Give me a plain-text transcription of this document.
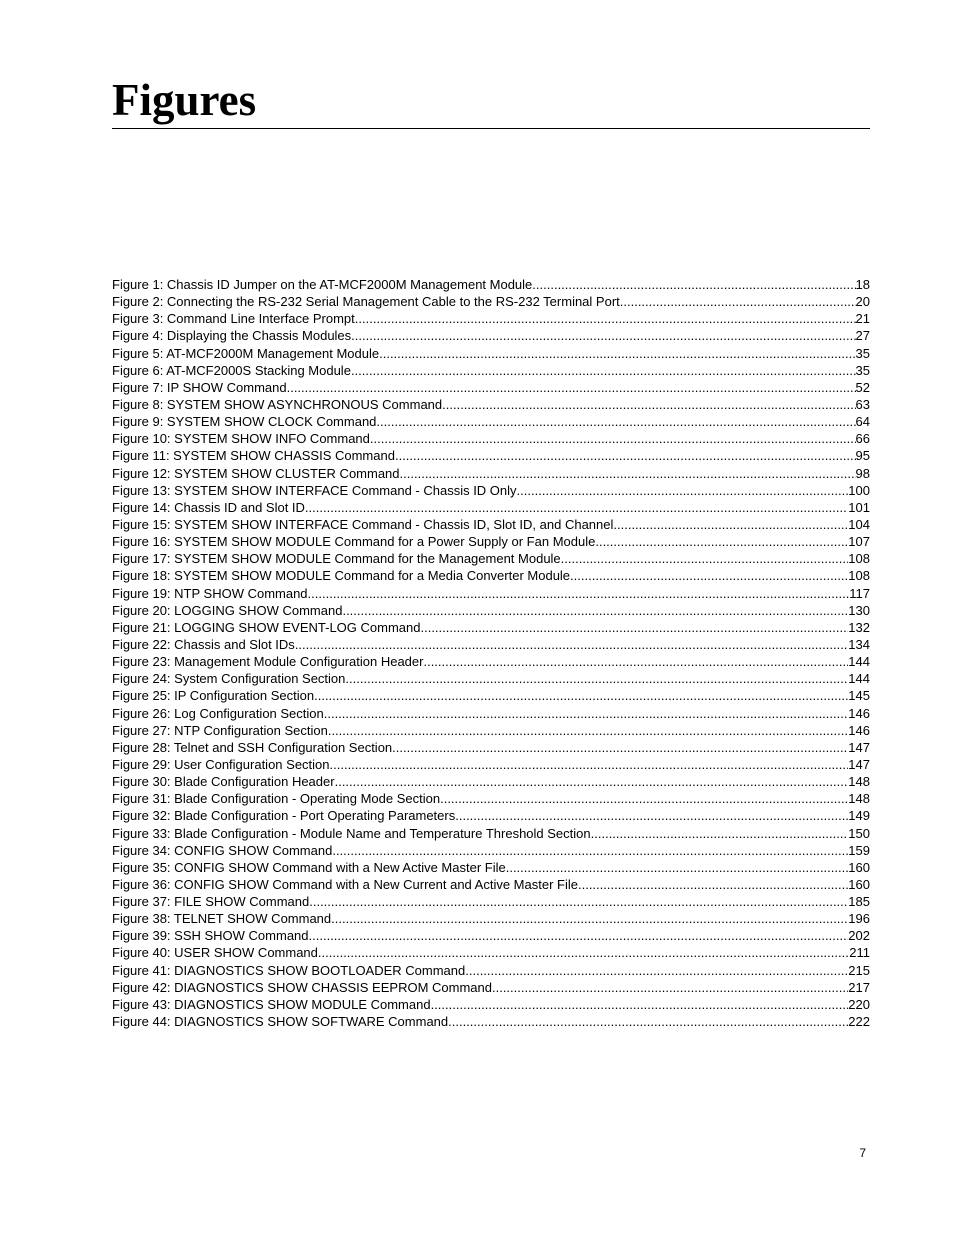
Figures
Figure 1: Chassis ID Jumper on the AT-MCF2000M Management Module .....	18
Figure 2: Connecting the RS-232 Serial Management Cable to the RS-232 Terminal Port .....	20
Figure 3: Command Line Interface Prompt .....	21
Figure 4: Displaying the Chassis Modules .....	27
Figure 5: AT-MCF2000M Management Module .....	35
Figure 6: AT-MCF2000S Stacking Module .....	35
Figure 7: IP SHOW Command .....	52
Figure 8: SYSTEM SHOW ASYNCHRONOUS Command .....	63
Figure 9: SYSTEM SHOW CLOCK Command .....	64
Figure 10: SYSTEM SHOW INFO Command .....	66
Figure 11: SYSTEM SHOW CHASSIS Command .....	95
Figure 12: SYSTEM SHOW CLUSTER Command .....	98
Figure 13: SYSTEM SHOW INTERFACE Command - Chassis ID Only .....	100
Figure 14: Chassis ID and Slot ID .....	101
Figure 15: SYSTEM SHOW INTERFACE Command - Chassis ID, Slot ID, and Channel .....	104
Figure 16: SYSTEM SHOW MODULE Command for a Power Supply or Fan Module .....	107
Figure 17: SYSTEM SHOW MODULE Command for the Management Module .....	108
Figure 18: SYSTEM SHOW MODULE Command for a Media Converter Module .....	108
Figure 19: NTP SHOW Command .....	117
Figure 20: LOGGING SHOW Command .....	130
Figure 21: LOGGING SHOW EVENT-LOG Command .....	132
Figure 22: Chassis and Slot IDs .....	134
Figure 23: Management Module Configuration Header .....	144
Figure 24: System Configuration Section .....	144
Figure 25: IP Configuration Section .....	145
Figure 26: Log Configuration Section .....	146
Figure 27: NTP Configuration Section .....	146
Figure 28: Telnet and SSH Configuration Section .....	147
Figure 29: User Configuration Section .....	147
Figure 30: Blade Configuration Header .....	148
Figure 31: Blade Configuration - Operating Mode Section .....	148
Figure 32: Blade Configuration - Port Operating Parameters .....	149
Figure 33: Blade Configuration - Module Name and Temperature Threshold Section .....	150
Figure 34: CONFIG SHOW Command .....	159
Figure 35: CONFIG SHOW Command with a New Active Master File .....	160
Figure 36: CONFIG SHOW Command with a New Current and Active Master File .....	160
Figure 37: FILE SHOW Command .....	185
Figure 38: TELNET SHOW Command .....	196
Figure 39: SSH SHOW Command .....	202
Figure 40: USER SHOW Command .....	211
Figure 41: DIAGNOSTICS SHOW BOOTLOADER Command .....	215
Figure 42: DIAGNOSTICS SHOW CHASSIS EEPROM Command .....	217
Figure 43: DIAGNOSTICS SHOW MODULE Command .....	220
Figure 44: DIAGNOSTICS SHOW SOFTWARE Command .....	222
7
